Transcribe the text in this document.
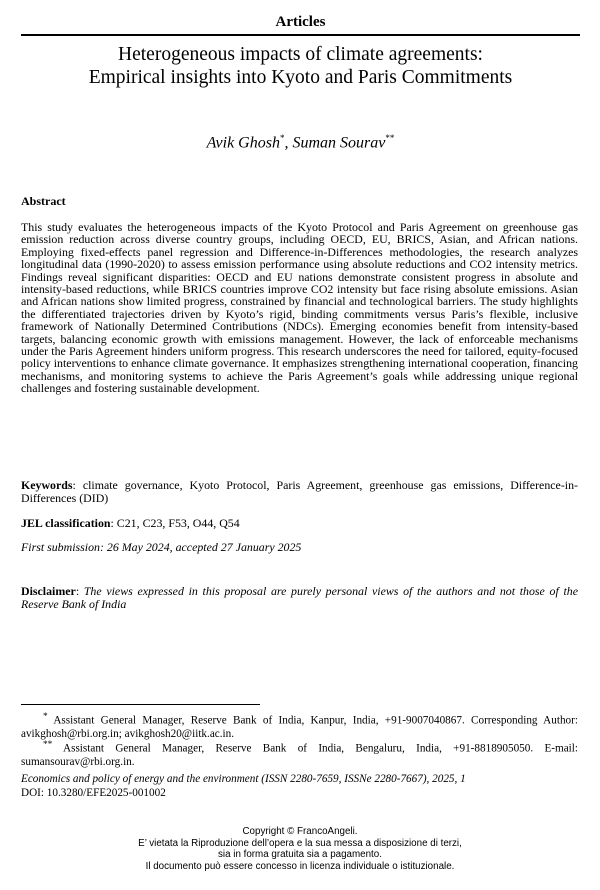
Articles
Heterogeneous impacts of climate agreements:
Empirical insights into Kyoto and Paris Commitments
Avik Ghosh*, Suman Sourav**
Abstract

This study evaluates the heterogeneous impacts of the Kyoto Protocol and Paris Agreement on greenhouse gas emission reduction across diverse country groups, including OECD, EU, BRICS, Asian, and African nations. Employing fixed-effects panel regression and Difference-in-Differences methodologies, the research analyzes longitudinal data (1990-2020) to assess emission performance using absolute reductions and CO2 intensity metrics. Findings reveal significant disparities: OECD and EU nations demonstrate consistent progress in absolute and intensity-based reductions, while BRICS countries improve CO2 intensity but face rising absolute emissions. Asian and African nations show limited progress, constrained by financial and technological barriers. The study highlights the differentiated trajectories driven by Kyoto’s rigid, binding commitments versus Paris’s flexible, inclusive framework of Nationally Determined Contributions (NDCs). Emerging economies benefit from intensity-based targets, balancing economic growth with emissions management. However, the lack of enforceable mechanisms under the Paris Agreement hinders uniform progress. This research underscores the need for tailored, equity-focused policy interventions to enhance climate governance. It emphasizes strengthening international cooperation, financing mechanisms, and monitoring systems to achieve the Paris Agreement’s goals while addressing unique regional challenges and fostering sustainable development.

Keywords: climate governance, Kyoto Protocol, Paris Agreement, greenhouse gas emissions, Difference-in-Differences (DID)

JEL classification: C21, C23, F53, O44, Q54
First submission: 26 May 2024, accepted 27 January 2025

Disclaimer: The views expressed in this proposal are purely personal views of the authors and not those of the Reserve Bank of India

* Assistant General Manager, Reserve Bank of India, Kanpur, India, +91-9007040867. Corresponding Author: avikghosh@rbi.org.in; avikghosh20@iitk.ac.in.

** Assistant General Manager, Reserve Bank of India, Bengaluru, India, +91-8818905050. E-mail: sumansourav@rbi.org.in.

Economics and policy of energy and the environment (ISSN 2280-7659, ISSNe 2280-7667), 2025, 1
DOI: 10.3280/EFE2025-001002
Copyright © FrancoAngeli.
E’ vietata la Riproduzione dell’opera e la sua messa a disposizione di terzi,
sia in forma gratuita sia a pagamento.
Il documento può essere concesso in licenza individuale o istituzionale.
